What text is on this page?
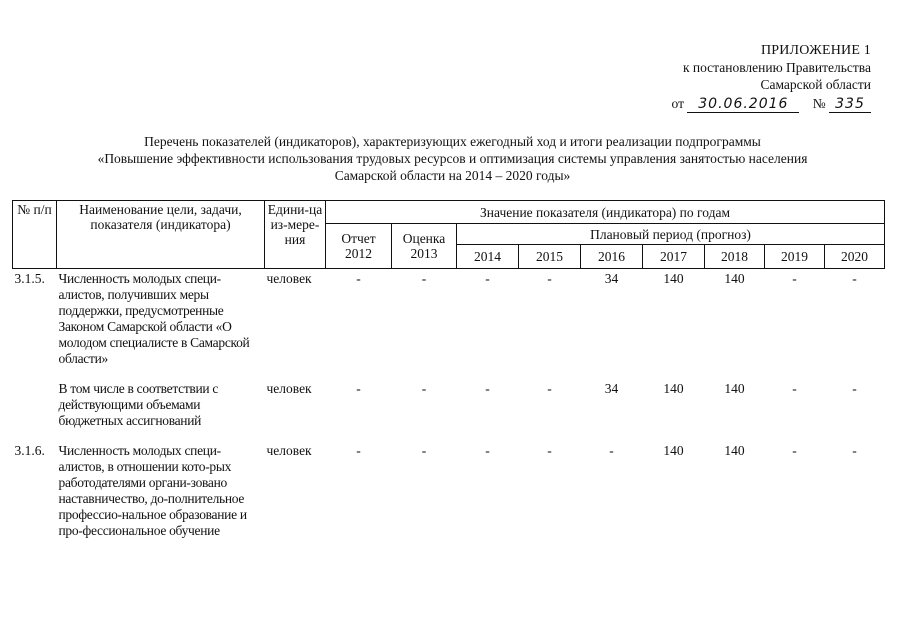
ПРИЛОЖЕНИЕ 1
к постановлению Правительства
Самарской области
от 30.06.2016 № 335
Перечень показателей (индикаторов), характеризующих ежегодный ход и итоги реализации подпрограммы
«Повышение эффективности использования трудовых ресурсов и оптимизация системы управления занятостью населения
Самарской области на 2014 – 2020 годы»
№ п/п	Наименование цели, задачи, показателя (индикатора)	Едини-ца из-мере-ния	Значение показателя (индикатора) по годам								
			Отчет 2012	Оценка 2013	Плановый период (прогноз)						
					2014	2015	2016	2017	2018	2019	2020
3.1.5.	Численность молодых специ-алистов, получивших меры поддержки, предусмотренные Законом Самарской области «О молодом специалисте в Самарской области»	человек	-	-	-	-	34	140	140	-	-
	В том числе в соответствии с действующими объемами бюджетных ассигнований	человек	-	-	-	-	34	140	140	-	-
3.1.6.	Численность молодых специ-алистов, в отношении кото-рых работодателями органи-зовано наставничество, до-полнительное профессио-нальное образование и про-фессиональное обучение	человек	-	-	-	-	-	140	140	-	-
